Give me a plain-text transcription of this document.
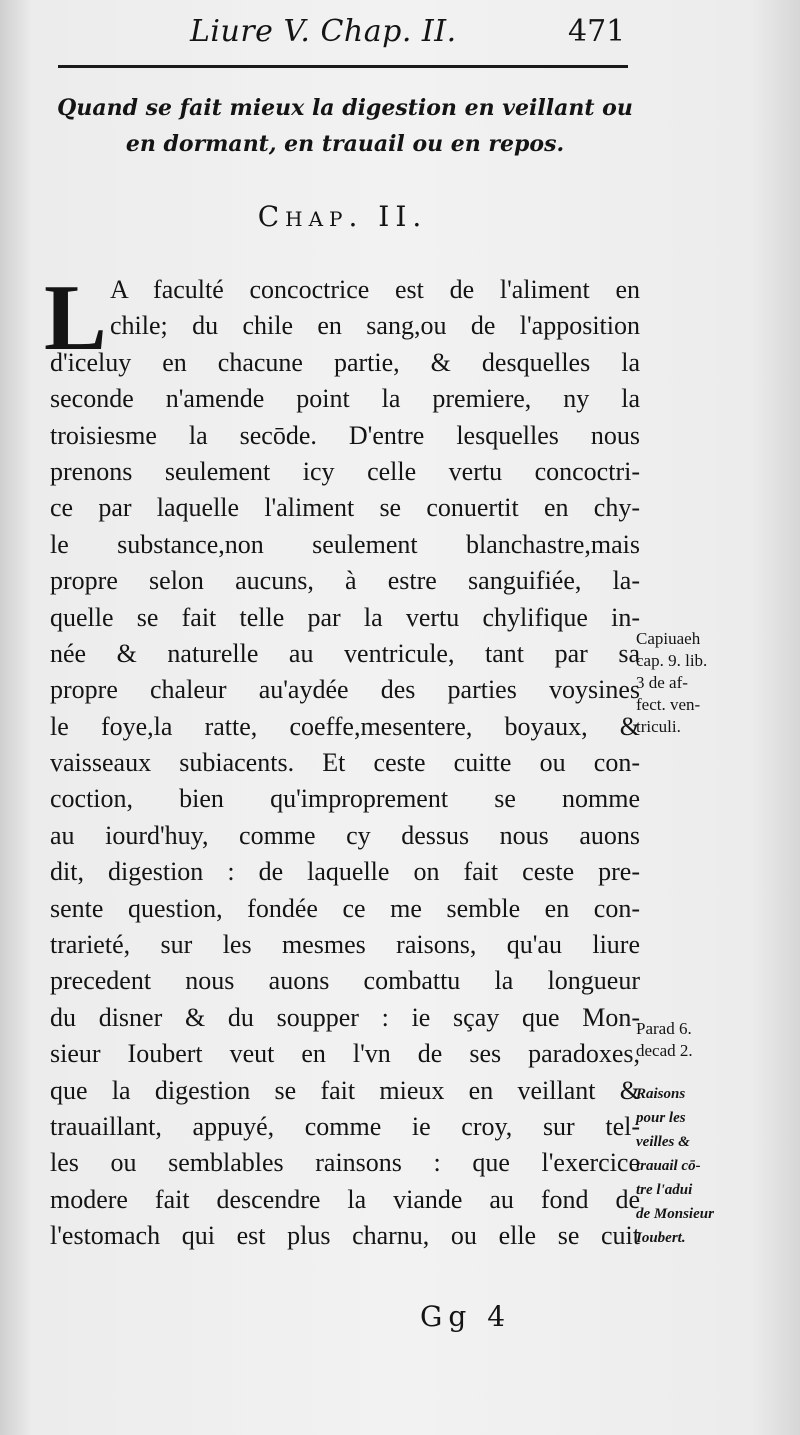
Liure V. Chap. II.	471
Quand se fait mieux la digestion en veillant ou
en dormant, en trauail ou en repos.
Chap. II.
L A faculté concoctrice est de l'aliment en
chile; du chile en sang,ou de l'apposition
d'iceluy en chacune partie, & desquelles la
seconde n'amende point la premiere, ny la
troisiesme la secōde. D'entre lesquelles nous
prenons seulement icy celle vertu concoctri-
ce par laquelle l'aliment se conuertit en chy-
le substance,non seulement blanchastre,mais
propre selon aucuns, à estre sanguifiée, la-
quelle se fait telle par la vertu chylifique in-
née & naturelle au ventricule, tant par sa
propre chaleur au'aydée des parties voysines
le foye,la ratte, coeffe,mesentere, boyaux, &
vaisseaux subiacents. Et ceste cuitte ou con-
coction, bien qu'improprement se nomme
au iourd'huy, comme cy dessus nous auons
dit, digestion : de laquelle on fait ceste pre-
sente question, fondée ce me semble en con-
trarieté, sur les mesmes raisons, qu'au liure
precedent nous auons combattu la longueur
du disner & du soupper : ie sçay que Mon-
sieur Ioubert veut en l'vn de ses paradoxes,
que la digestion se fait mieux en veillant &
trauaillant, appuyé, comme ie croy, sur tel-
les ou semblables rainsons : que l'exercice
modere fait descendre la viande au fond de
l'estomach qui est plus charnu, ou elle se cuit
Capiuaeh
cap. 9. lib.
3 de af-
fect. ven-
triculi.
Parad 6.
decad 2.
Raisons
pour les
veilles &
trauail cō-
tre l'adui
de Monsieur
Ioubert.
Gg 4
